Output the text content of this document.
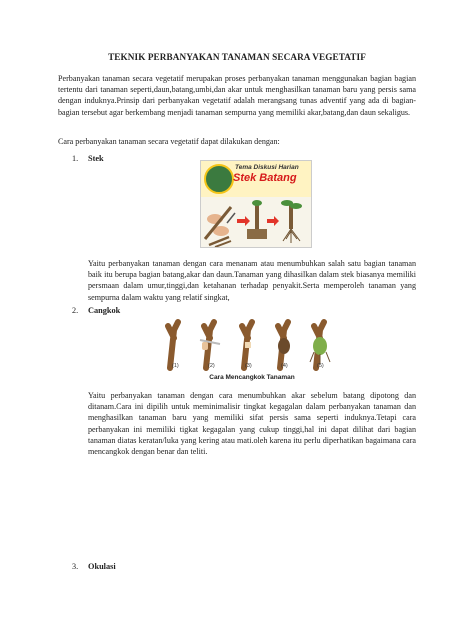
TEKNIK PERBANYAKAN TANAMAN SECARA VEGETATIF
Perbanyakan tanaman secara vegetatif merupakan proses perbanyakan tanaman menggunakan bagian bagian tertentu dari tanaman seperti,daun,batang,umbi,dan akar untuk menghasilkan tanaman baru yang persis sama dengan induknya.Prinsip dari perbanyakan vegetatif adalah merangsang tunas adventif yang ada di bagian-bagian tersebut agar berkembang menjadi tanaman sempurna yang memiliki akar,batang,dan daun sekaligus.
Cara perbanyakan tanaman secara vegetatif dapat dilakukan dengan:
1. Stek
Tema Diskusi Harian
Stek Batang
Yaitu perbanyakan tanaman dengan cara menanam atau menumbuhkan salah satu bagian tanaman baik itu berupa bagian batang,akar dan daun.Tanaman yang dihasilkan dalam stek biasanya memiliki persmaan dalam umur,tinggi,dan ketahanan terhadap penyakit.Serta memperoleh tanaman yang sempurna dalam waktu yang relatif singkat,
2. Cangkok
(1)	(2)	(3)	(4)	(5)
Cara Mencangkok Tanaman
Yaitu perbanyakan tanaman dengan cara menumbuhkan akar sebelum batang dipotong dan ditanam.Cara ini dipilih untuk meminimalisir tingkat kegagalan dalam perbanyakan tanaman dan menghasilkan tanaman baru yang memiliki sifat persis sama seperti induknya.Tetapi cara perbanyakan ini memiliki tigkat kegagalan yang cukup tinggi,hal ini dapat dilihat dari bagian tanaman diatas keratan/luka yang kering atau mati.oleh karena itu perlu diperhatikan bagaimana cara mencangkok dengan benar dan teliti.
3. Okulasi
